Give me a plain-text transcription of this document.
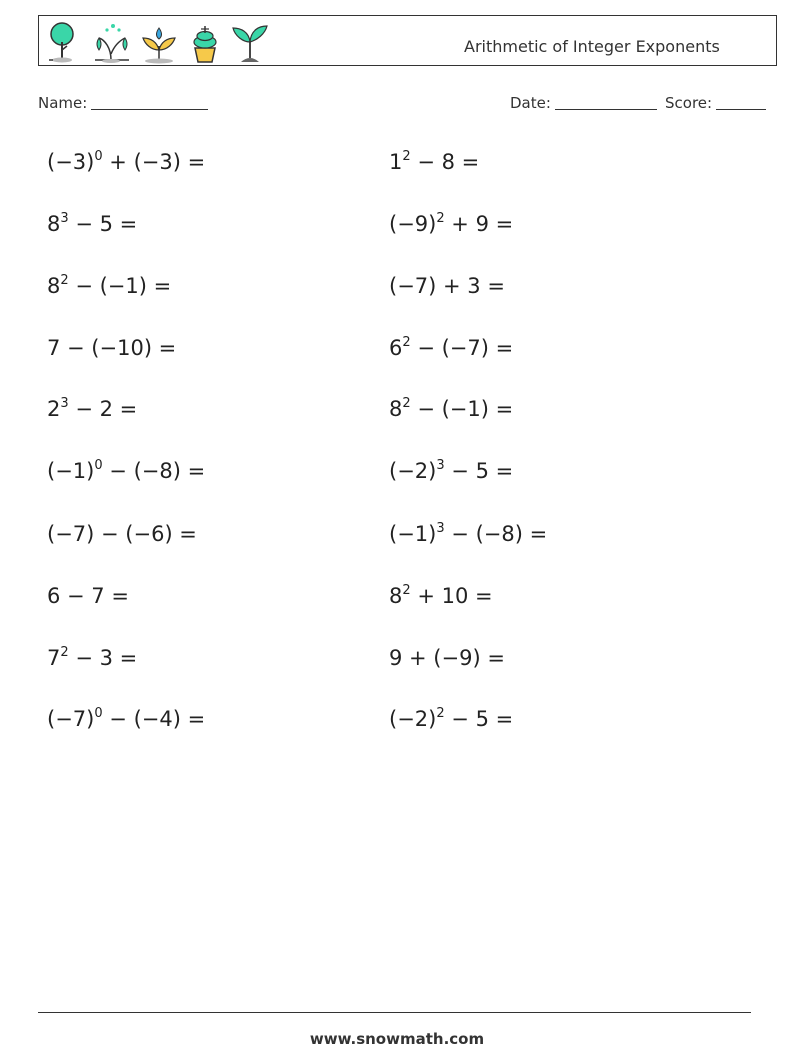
Arithmetic of Integer Exponents
Name:	Date:	Score:
$(-3)^0 + (-3)$ =
$8^3 - 5$ =
$8^2 - (-1)$ =
7 − (−10) =
$2^3 - 2$ =
$(-1)^0 - (-8)$ =
(−7) − (−6) =
6 − 7 =
$7^2 - 3$ =
$(-7)^0 - (-4)$ =
$1^2 - 8$ =
$(-9)^2 + 9$ =
(−7) + 3 =
$6^2 - (-7)$ =
$8^2 - (-1)$ =
$(-2)^3 - 5$ =
$(-1)^3 - (-8)$ =
$8^2 + 10$ =
9 + (−9) =
$(-2)^2 - 5$ =
www.snowmath.com
